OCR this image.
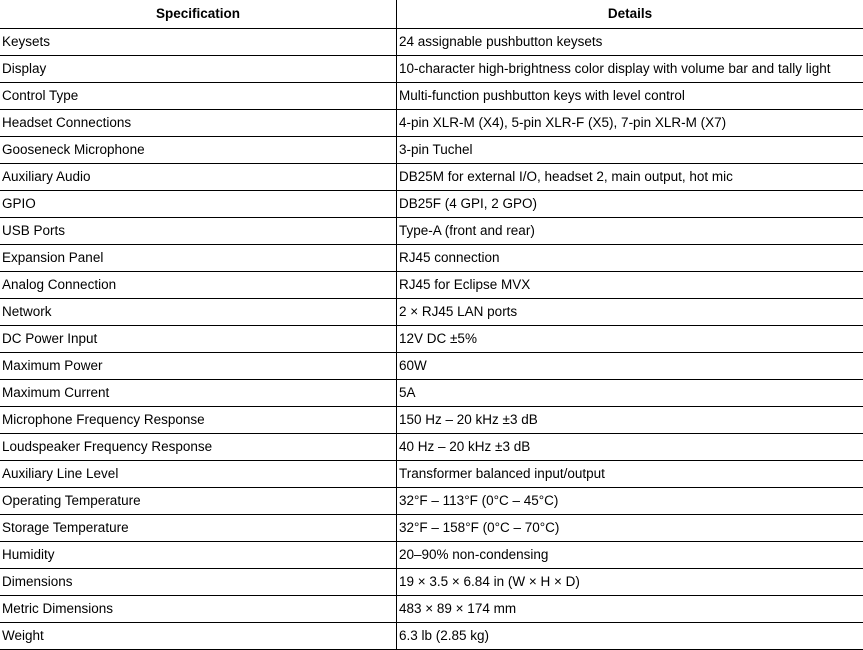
Specification	Details
Keysets	24 assignable pushbutton keysets
Display	10-character high-brightness color display with volume bar and tally light
Control Type	Multi-function pushbutton keys with level control
Headset Connections	4-pin XLR-M (X4), 5-pin XLR-F (X5), 7-pin XLR-M (X7)
Gooseneck Microphone	3-pin Tuchel
Auxiliary Audio	DB25M for external I/O, headset 2, main output, hot mic
GPIO	DB25F (4 GPI, 2 GPO)
USB Ports	Type-A (front and rear)
Expansion Panel	RJ45 connection
Analog Connection	RJ45 for Eclipse MVX
Network	2 × RJ45 LAN ports
DC Power Input	12V DC ±5%
Maximum Power	60W
Maximum Current	5A
Microphone Frequency Response	150 Hz – 20 kHz ±3 dB
Loudspeaker Frequency Response	40 Hz – 20 kHz ±3 dB
Auxiliary Line Level	Transformer balanced input/output
Operating Temperature	32°F – 113°F (0°C – 45°C)
Storage Temperature	32°F – 158°F (0°C – 70°C)
Humidity	20–90% non-condensing
Dimensions	19 × 3.5 × 6.84 in (W × H × D)
Metric Dimensions	483 × 89 × 174 mm
Weight	6.3 lb (2.85 kg)
